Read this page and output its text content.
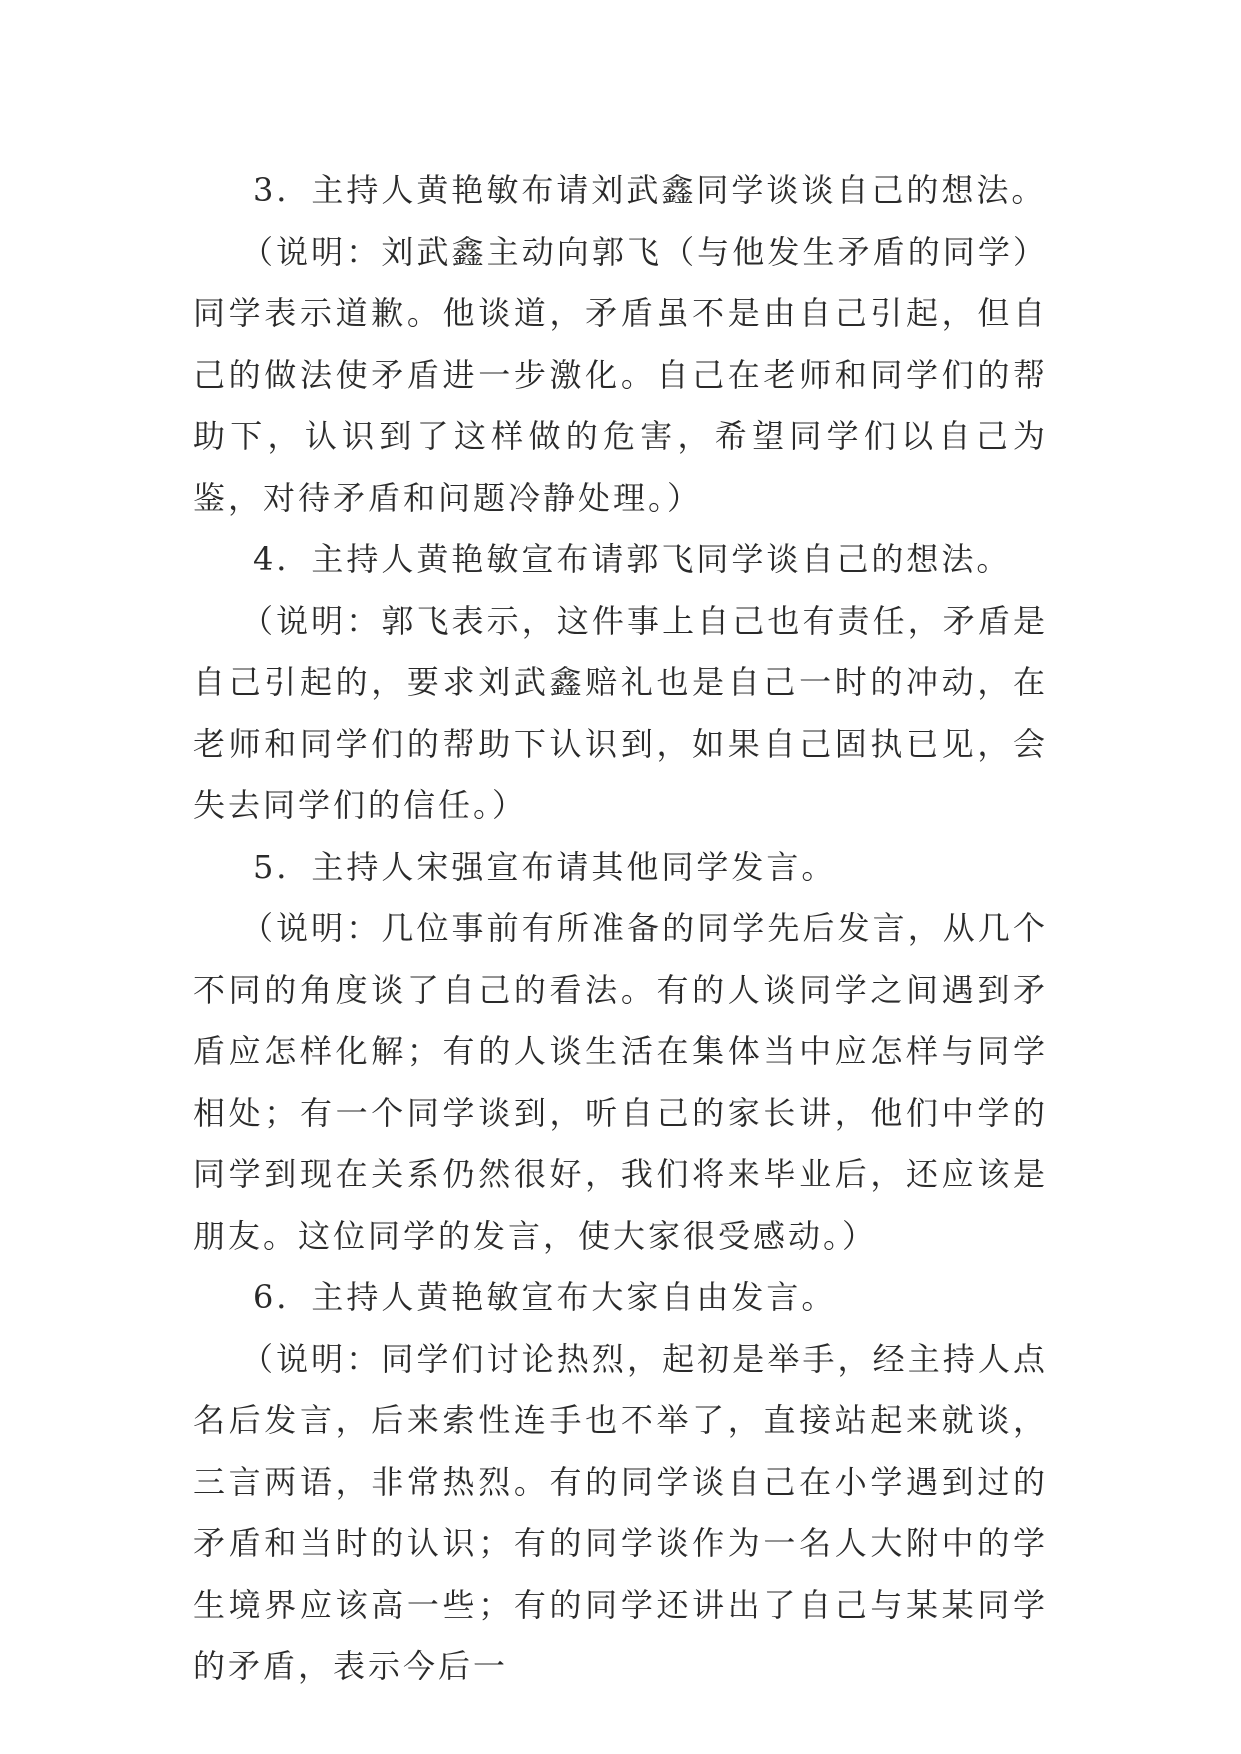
3．主持人黄艳敏布请刘武鑫同学谈谈自己的想法。

（说明：刘武鑫主动向郭飞（与他发生矛盾的同学）同学表示道歉。他谈道，矛盾虽不是由自己引起，但自己的做法使矛盾进一步激化。自己在老师和同学们的帮助下，认识到了这样做的危害，希望同学们以自己为鉴，对待矛盾和问题冷静处理。）

4．主持人黄艳敏宣布请郭飞同学谈自己的想法。

（说明：郭飞表示，这件事上自己也有责任，矛盾是自己引起的，要求刘武鑫赔礼也是自己一时的冲动，在老师和同学们的帮助下认识到，如果自己固执已见，会失去同学们的信任。）

5．主持人宋强宣布请其他同学发言。

（说明：几位事前有所准备的同学先后发言，从几个不同的角度谈了自己的看法。有的人谈同学之间遇到矛盾应怎样化解；有的人谈生活在集体当中应怎样与同学相处；有一个同学谈到，听自己的家长讲，他们中学的同学到现在关系仍然很好，我们将来毕业后，还应该是朋友。这位同学的发言，使大家很受感动。）

6．主持人黄艳敏宣布大家自由发言。

（说明：同学们讨论热烈，起初是举手，经主持人点名后发言，后来索性连手也不举了，直接站起来就谈，三言两语，非常热烈。有的同学谈自己在小学遇到过的矛盾和当时的认识；有的同学谈作为一名人大附中的学生境界应该高一些；有的同学还讲出了自己与某某同学的矛盾，表示今后一
